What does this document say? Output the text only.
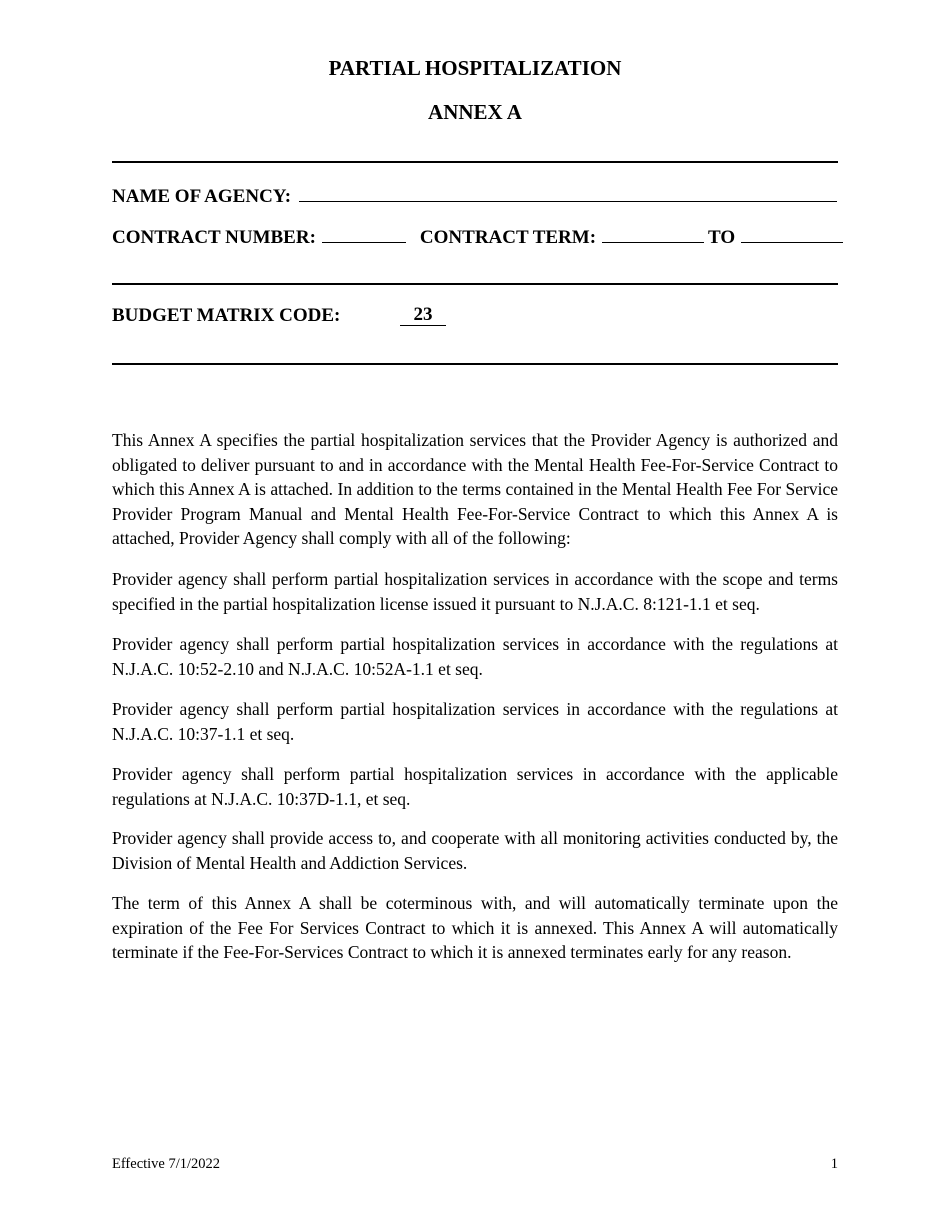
PARTIAL HOSPITALIZATION
ANNEX A

NAME OF AGENCY:

CONTRACT NUMBER:	CONTRACT TERM:	TO

BUDGET MATRIX CODE:	23

This Annex A specifies the partial hospitalization services that the Provider Agency is authorized and obligated to deliver pursuant to and in accordance with the Mental Health Fee-For-Service Contract to which this Annex A is attached. In addition to the terms contained in the Mental Health Fee For Service Provider Program Manual and Mental Health Fee-For-Service Contract to which this Annex A is attached, Provider Agency shall comply with all of the following:

Provider agency shall perform partial hospitalization services in accordance with the scope and terms specified in the partial hospitalization license issued it pursuant to N.J.A.C. 8:121-1.1 et seq.

Provider agency shall perform partial hospitalization services in accordance with the regulations at N.J.A.C. 10:52-2.10 and N.J.A.C. 10:52A-1.1 et seq.

Provider agency shall perform partial hospitalization services in accordance with the regulations at N.J.A.C. 10:37-1.1 et seq.

Provider agency shall perform partial hospitalization services in accordance with the applicable regulations at N.J.A.C. 10:37D-1.1, et seq.

Provider agency shall provide access to, and cooperate with all monitoring activities conducted by, the Division of Mental Health and Addiction Services.

The term of this Annex A shall be coterminous with, and will automatically terminate upon the expiration of the Fee For Services Contract to which it is annexed. This Annex A will automatically terminate if the Fee-For-Services Contract to which it is annexed terminates early for any reason.

Effective 7/1/2022	1
